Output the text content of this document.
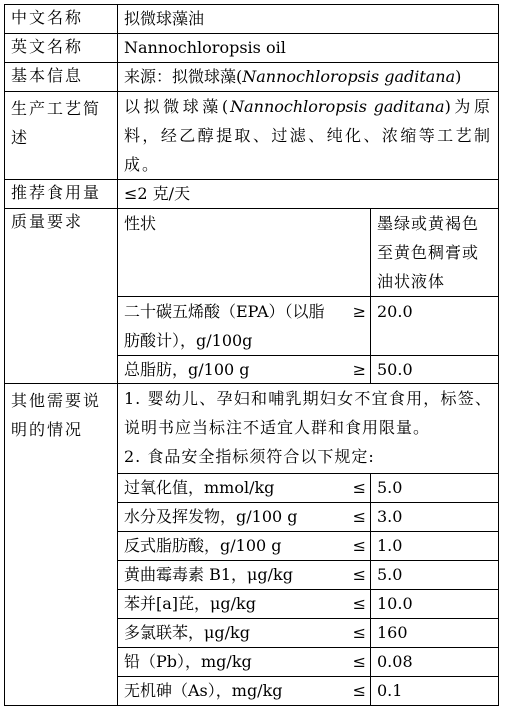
中文名称	拟微球藻油		
英文名称	Nannochloropsis oil		
基本信息	来源：拟微球藻(Nannochloropsis gaditana)		
生产工艺简述	以拟微球藻(Nannochloropsis gaditana)为原料，经乙醇提取、过滤、纯化、浓缩等工艺制成。		
推荐食用量	≤2 克/天		
质量要求	性状		墨绿或黄褐色至黄色稠膏或油状液体
	二十碳五烯酸（EPA）（以脂肪酸计），g/100g	≥	20.0
	总脂肪，g/100 g	≥	50.0
其他需要说明的情况	1. 婴幼儿、孕妇和哺乳期妇女不宜食用，标签、说明书应当标注不适宜人群和食用限量。
2. 食品安全指标须符合以下规定:		

	过氧化值，mmol/kg	≤	5.0
	水分及挥发物，g/100 g	≤	3.0
	反式脂肪酸，g/100 g	≤	1.0
	黄曲霉毒素 B1，μg/kg	≤	5.0
	苯并[a]芘，μg/kg	≤	10.0
	多氯联苯，μg/kg	≤	160
	铅（Pb），mg/kg	≤	0.08
	无机砷（As），mg/kg	≤	0.1
